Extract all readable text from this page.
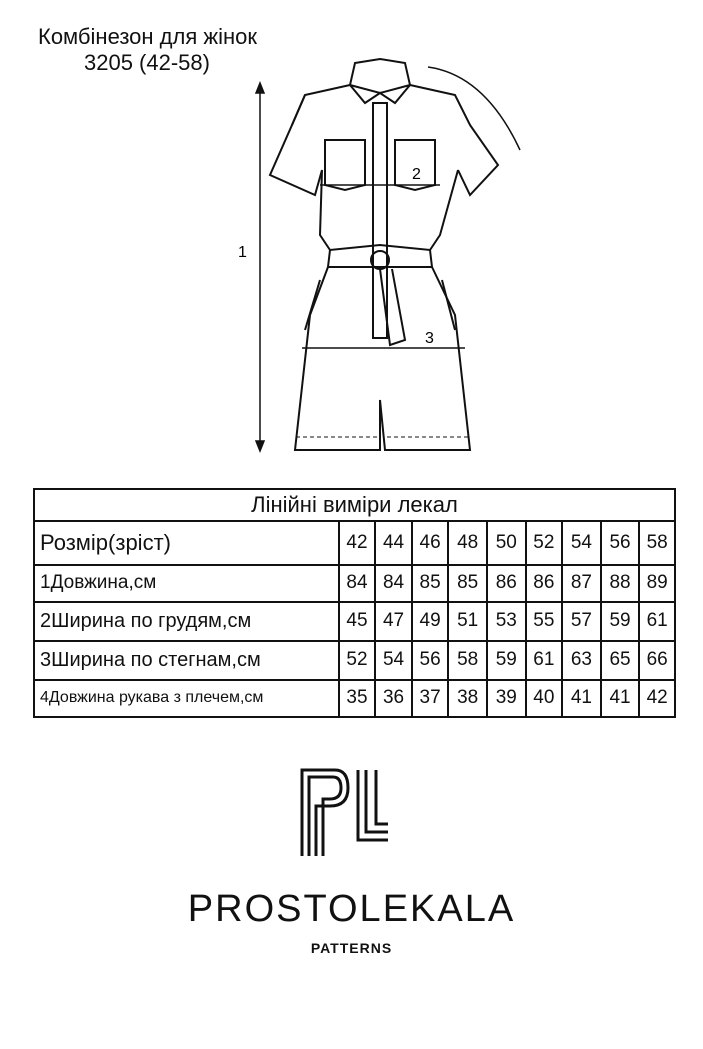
Комбінезон для жінок
3205 (42-58)
1
2
3
Лінійні виміри лекал									
Розмір(зріст)	42	44	46	48	50	52	54	56	58
1Довжина,см	84	84	85	85	86	86	87	88	89
2Ширина по грудям,см	45	47	49	51	53	55	57	59	61
3Ширина по стегнам,см	52	54	56	58	59	61	63	65	66
4Довжина рукава з плечем,см	35	36	37	38	39	40	41	41	42
PROSTOLEKALA
PATTERNS
